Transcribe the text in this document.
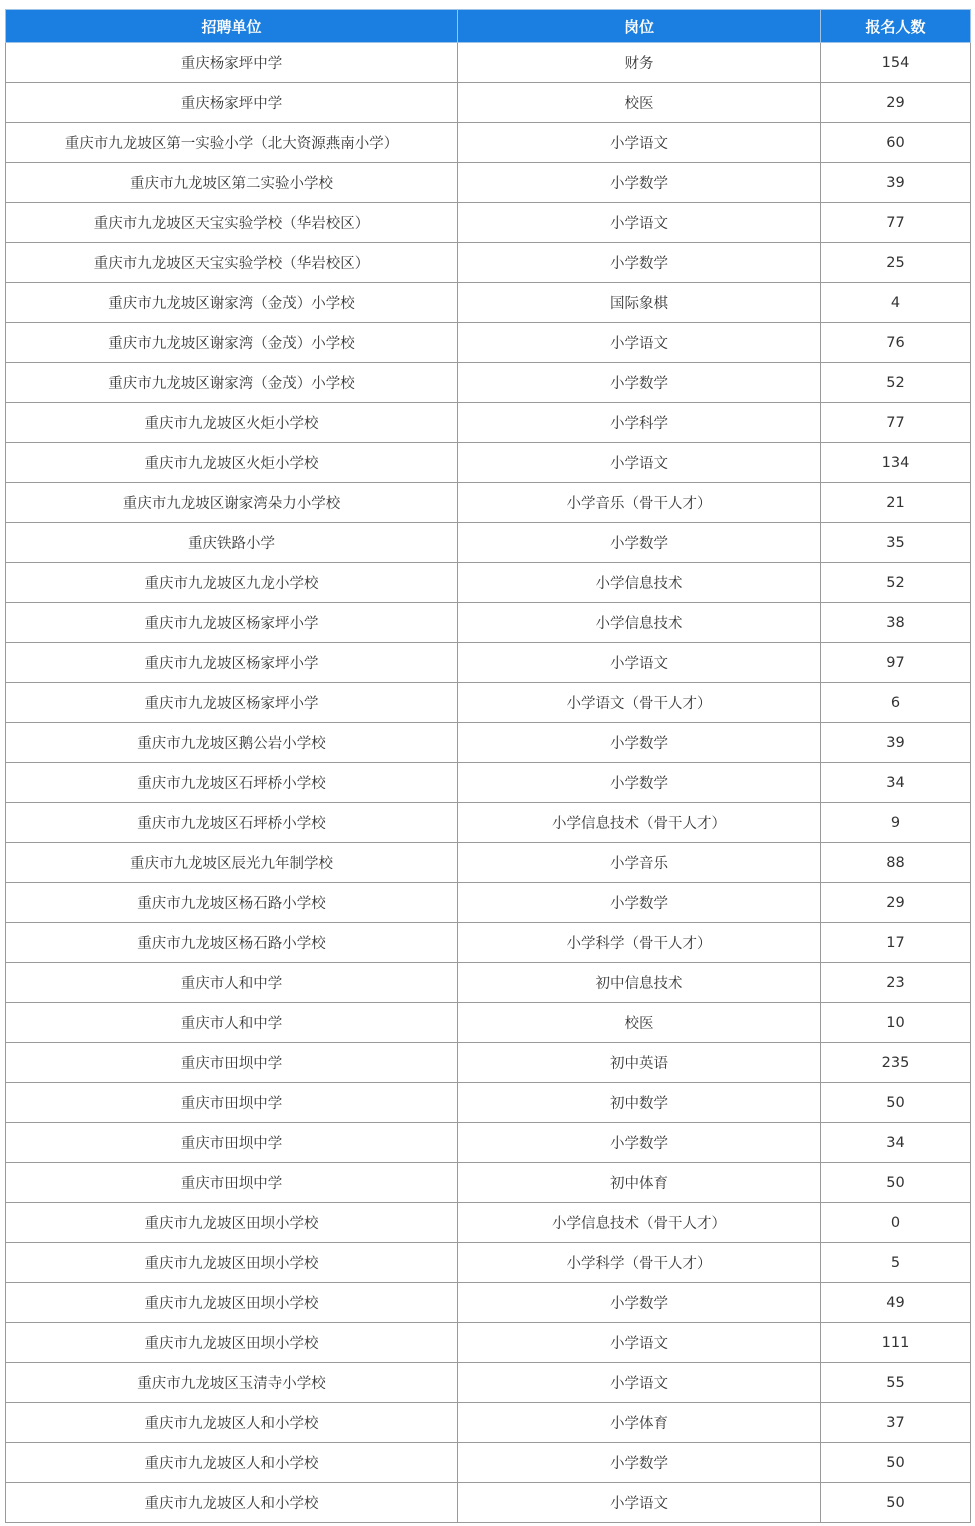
招聘单位	岗位	报名人数
重庆杨家坪中学	财务	154
重庆杨家坪中学	校医	29
重庆市九龙坡区第一实验小学（北大资源燕南小学）	小学语文	60
重庆市九龙坡区第二实验小学校	小学数学	39
重庆市九龙坡区天宝实验学校（华岩校区）	小学语文	77
重庆市九龙坡区天宝实验学校（华岩校区）	小学数学	25
重庆市九龙坡区谢家湾（金茂）小学校	国际象棋	4
重庆市九龙坡区谢家湾（金茂）小学校	小学语文	76
重庆市九龙坡区谢家湾（金茂）小学校	小学数学	52
重庆市九龙坡区火炬小学校	小学科学	77
重庆市九龙坡区火炬小学校	小学语文	134
重庆市九龙坡区谢家湾朵力小学校	小学音乐（骨干人才）	21
重庆铁路小学	小学数学	35
重庆市九龙坡区九龙小学校	小学信息技术	52
重庆市九龙坡区杨家坪小学	小学信息技术	38
重庆市九龙坡区杨家坪小学	小学语文	97
重庆市九龙坡区杨家坪小学	小学语文（骨干人才）	6
重庆市九龙坡区鹅公岩小学校	小学数学	39
重庆市九龙坡区石坪桥小学校	小学数学	34
重庆市九龙坡区石坪桥小学校	小学信息技术（骨干人才）	9
重庆市九龙坡区辰光九年制学校	小学音乐	88
重庆市九龙坡区杨石路小学校	小学数学	29
重庆市九龙坡区杨石路小学校	小学科学（骨干人才）	17
重庆市人和中学	初中信息技术	23
重庆市人和中学	校医	10
重庆市田坝中学	初中英语	235
重庆市田坝中学	初中数学	50
重庆市田坝中学	小学数学	34
重庆市田坝中学	初中体育	50
重庆市九龙坡区田坝小学校	小学信息技术（骨干人才）	0
重庆市九龙坡区田坝小学校	小学科学（骨干人才）	5
重庆市九龙坡区田坝小学校	小学数学	49
重庆市九龙坡区田坝小学校	小学语文	111
重庆市九龙坡区玉清寺小学校	小学语文	55
重庆市九龙坡区人和小学校	小学体育	37
重庆市九龙坡区人和小学校	小学数学	50
重庆市九龙坡区人和小学校	小学语文	50
